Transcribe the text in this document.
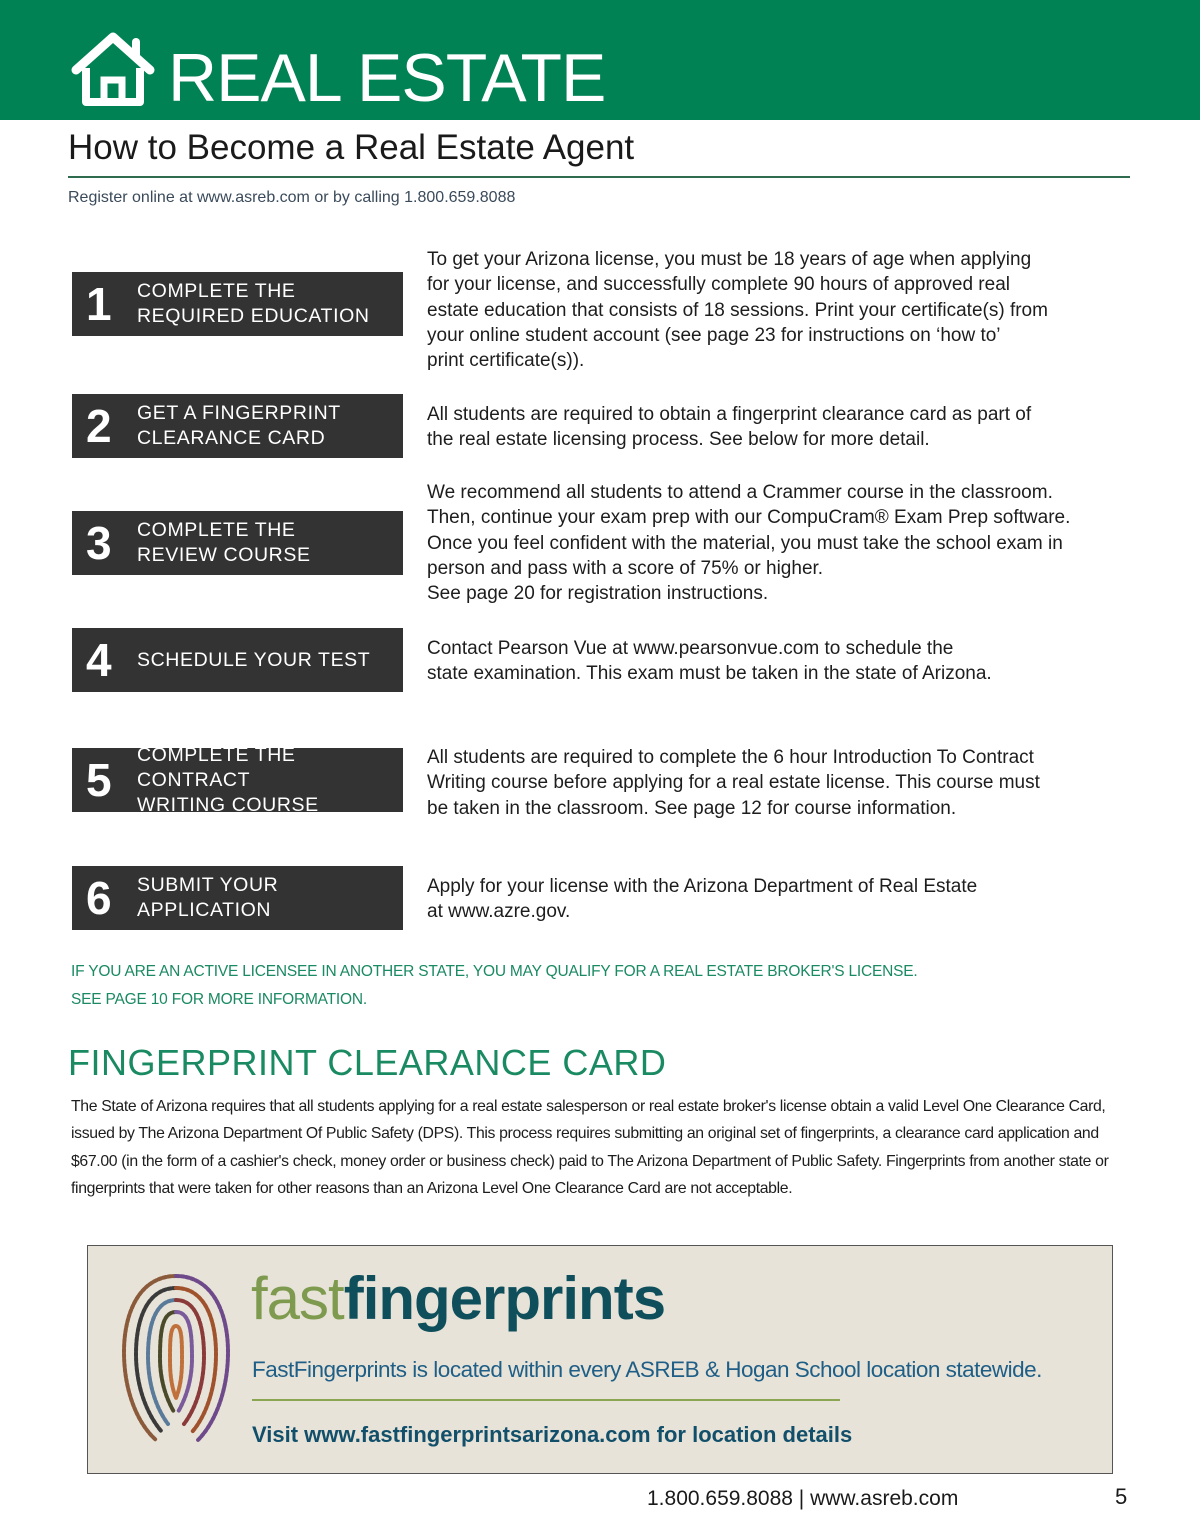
REAL ESTATE
How to Become a Real Estate Agent
Register online at www.asreb.com or by calling 1.800.659.8088
1 COMPLETE THE
REQUIRED EDUCATION
To get your Arizona license, you must be 18 years of age when applying
for your license, and successfully complete 90 hours of approved real
estate education that consists of 18 sessions. Print your certificate(s) from
your online student account (see page 23 for instructions on ‘how to’
print certificate(s)).
2 GET A FINGERPRINT
CLEARANCE CARD
All students are required to obtain a fingerprint clearance card as part of
the real estate licensing process. See below for more detail.
3 COMPLETE THE
REVIEW COURSE
We recommend all students to attend a Crammer course in the classroom.
Then, continue your exam prep with our CompuCram® Exam Prep software.
Once you feel confident with the material, you must take the school exam in
person and pass with a score of 75% or higher.
See page 20 for registration instructions.
4 SCHEDULE YOUR TEST	Contact Pearson Vue at www.pearsonvue.com to schedule the
state examination. This exam must be taken in the state of Arizona.
5 COMPLETE THE CONTRACT
WRITING COURSE
All students are required to complete the 6 hour Introduction To Contract
Writing course before applying for a real estate license. This course must
be taken in the classroom. See page 12 for course information.
6 SUBMIT YOUR
APPLICATION
Apply for your license with the Arizona Department of Real Estate
at www.azre.gov.
IF YOU ARE AN ACTIVE LICENSEE IN ANOTHER STATE, YOU MAY QUALIFY FOR A REAL ESTATE BROKER'S LICENSE.
SEE PAGE 10 FOR MORE INFORMATION.
FINGERPRINT CLEARANCE CARD
The State of Arizona requires that all students applying for a real estate salesperson or real estate broker's license obtain a valid Level One Clearance Card, issued by The Arizona Department Of Public Safety (DPS). This process requires submitting an original set of fingerprints, a clearance card application and $67.00 (in the form of a cashier's check, money order or business check) paid to The Arizona Department of Public Safety. Fingerprints from another state or fingerprints that were taken for other reasons than an Arizona Level One Clearance Card are not acceptable.
fastfingerprints
FastFingerprints is located within every ASREB & Hogan School location statewide.
Visit www.fastfingerprintsarizona.com for location details
1.800.659.8088 | www.asreb.com	5
